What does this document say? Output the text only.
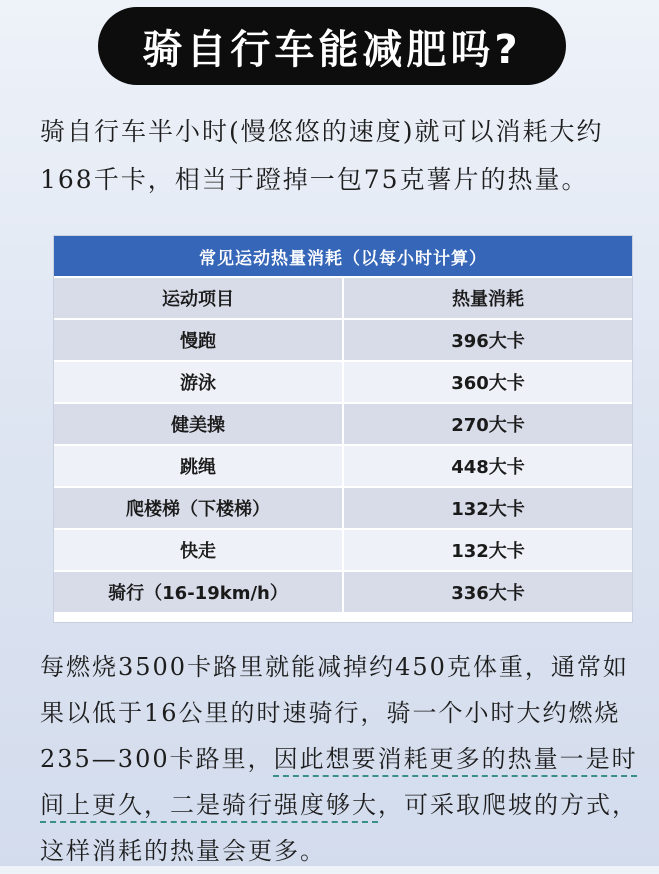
骑自行车能减肥吗?
骑自行车半小时(慢悠悠的速度)就可以消耗大约168千卡，相当于蹬掉一包75克薯片的热量。
常见运动热量消耗（以每小时计算）
运动项目	热量消耗
慢跑	396大卡
游泳	360大卡
健美操	270大卡
跳绳	448大卡
爬楼梯（下楼梯）	132大卡
快走	132大卡
骑行（16-19km/h）	336大卡
每燃烧3500卡路里就能减掉约450克体重，通常如果以低于16公里的时速骑行，骑一个小时大约燃烧235—300卡路里，因此想要消耗更多的热量一是时间上更久，二是骑行强度够大，可采取爬坡的方式，这样消耗的热量会更多。
